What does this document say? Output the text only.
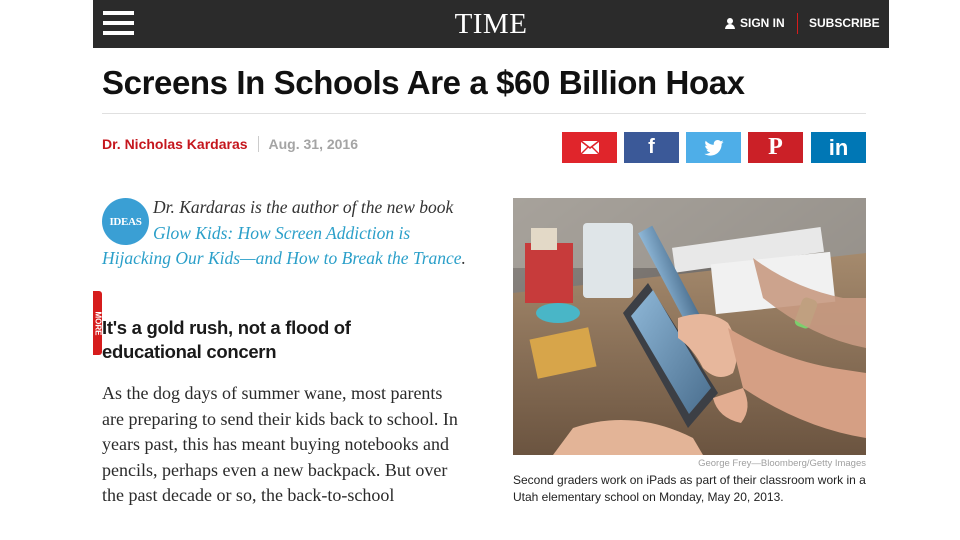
TIME	SIGN IN SUBSCRIBE
Screens In Schools Are a $60 Billion Hoax
Dr. Nicholas Kardaras Aug. 31, 2016	f	P in
IDEAS

Dr. Kardaras is the author of the new book Glow Kids: How Screen Addiction is Hijacking Our Kids—and How to Break the Trance.

MORE It's a gold rush, not a flood of educational concern

As the dog days of summer wane, most parents are preparing to send their kids back to school. In years past, this has meant buying notebooks and pencils, perhaps even a new backpack. But over the past decade or so, the back-to-school

George Frey—Bloomberg/Getty Images
Second graders work on iPads as part of their classroom work in a Utah elementary school on Monday, May 20, 2013.
